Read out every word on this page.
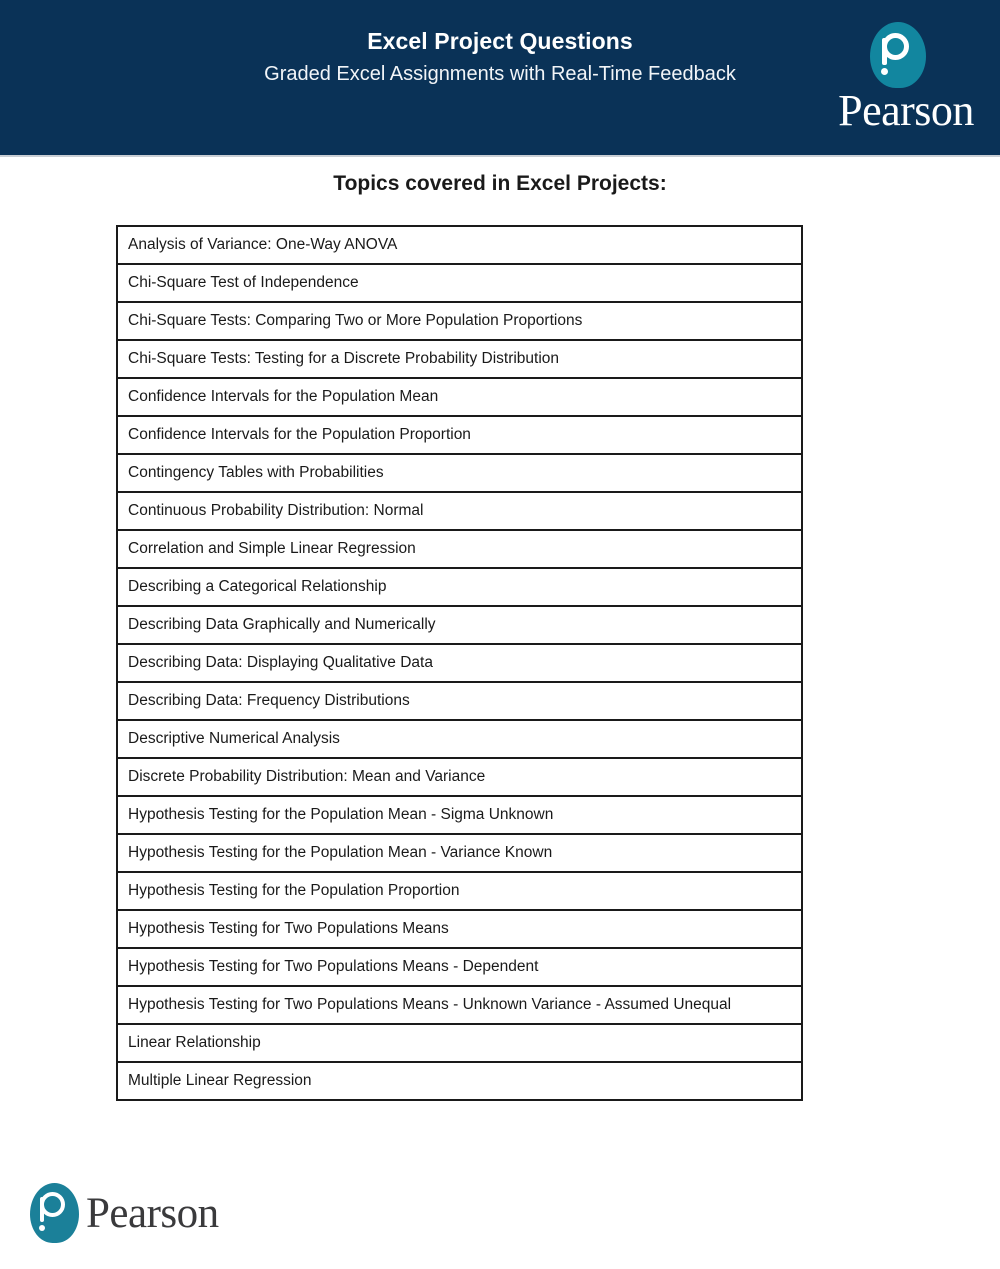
Excel Project Questions
Graded Excel Assignments with Real-Time Feedback
Pearson
Topics covered in Excel Projects:
Analysis of Variance: One-Way ANOVA
Chi-Square Test of Independence
Chi-Square Tests: Comparing Two or More Population Proportions
Chi-Square Tests: Testing for a Discrete Probability Distribution
Confidence Intervals for the Population Mean
Confidence Intervals for the Population Proportion
Contingency Tables with Probabilities
Continuous Probability Distribution: Normal
Correlation and Simple Linear Regression
Describing a Categorical Relationship
Describing Data Graphically and Numerically
Describing Data: Displaying Qualitative Data
Describing Data: Frequency Distributions
Descriptive Numerical Analysis
Discrete Probability Distribution: Mean and Variance
Hypothesis Testing for the Population Mean - Sigma Unknown
Hypothesis Testing for the Population Mean - Variance Known
Hypothesis Testing for the Population Proportion
Hypothesis Testing for Two Populations Means
Hypothesis Testing for Two Populations Means - Dependent
Hypothesis Testing for Two Populations Means - Unknown Variance - Assumed Unequal
Linear Relationship
Multiple Linear Regression
Pearson
